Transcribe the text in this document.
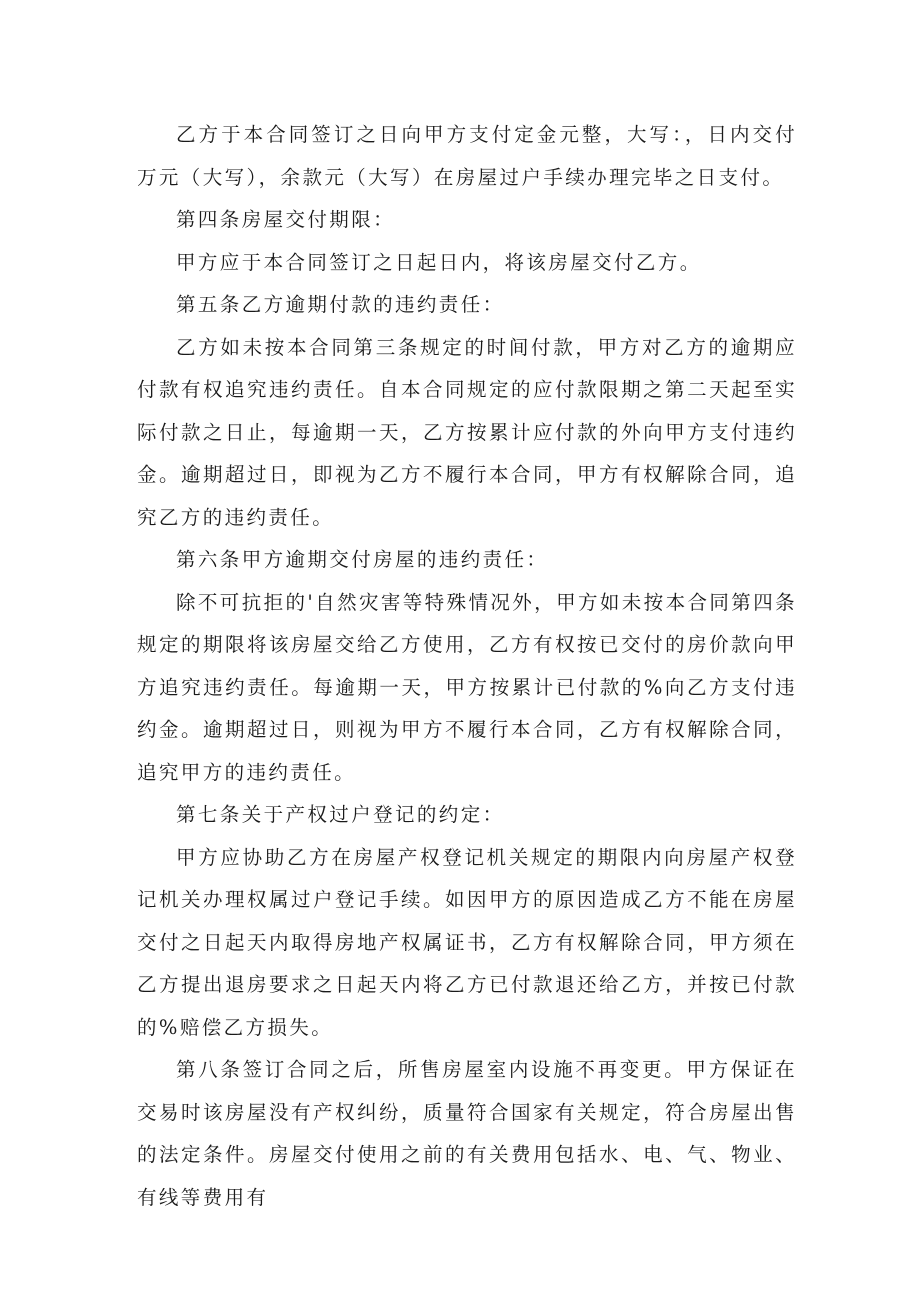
乙方于本合同签订之日向甲方支付定金元整，大写：，日内交付万元（大写），余款元（大写）在房屋过户手续办理完毕之日支付。

第四条房屋交付期限：

甲方应于本合同签订之日起日内，将该房屋交付乙方。

第五条乙方逾期付款的违约责任：

乙方如未按本合同第三条规定的时间付款，甲方对乙方的逾期应付款有权追究违约责任。自本合同规定的应付款限期之第二天起至实际付款之日止，每逾期一天，乙方按累计应付款的外向甲方支付违约金。逾期超过日，即视为乙方不履行本合同，甲方有权解除合同，追究乙方的违约责任。

第六条甲方逾期交付房屋的违约责任：

除不可抗拒的'自然灾害等特殊情况外，甲方如未按本合同第四条规定的期限将该房屋交给乙方使用，乙方有权按已交付的房价款向甲方追究违约责任。每逾期一天，甲方按累计已付款的%向乙方支付违约金。逾期超过日，则视为甲方不履行本合同，乙方有权解除合同，追究甲方的违约责任。

第七条关于产权过户登记的约定：

甲方应协助乙方在房屋产权登记机关规定的期限内向房屋产权登记机关办理权属过户登记手续。如因甲方的原因造成乙方不能在房屋交付之日起天内取得房地产权属证书，乙方有权解除合同，甲方须在乙方提出退房要求之日起天内将乙方已付款退还给乙方，并按已付款的%赔偿乙方损失。

第八条签订合同之后，所售房屋室内设施不再变更。甲方保证在交易时该房屋没有产权纠纷，质量符合国家有关规定，符合房屋出售的法定条件。房屋交付使用之前的有关费用包括水、电、气、物业、有线等费用有
